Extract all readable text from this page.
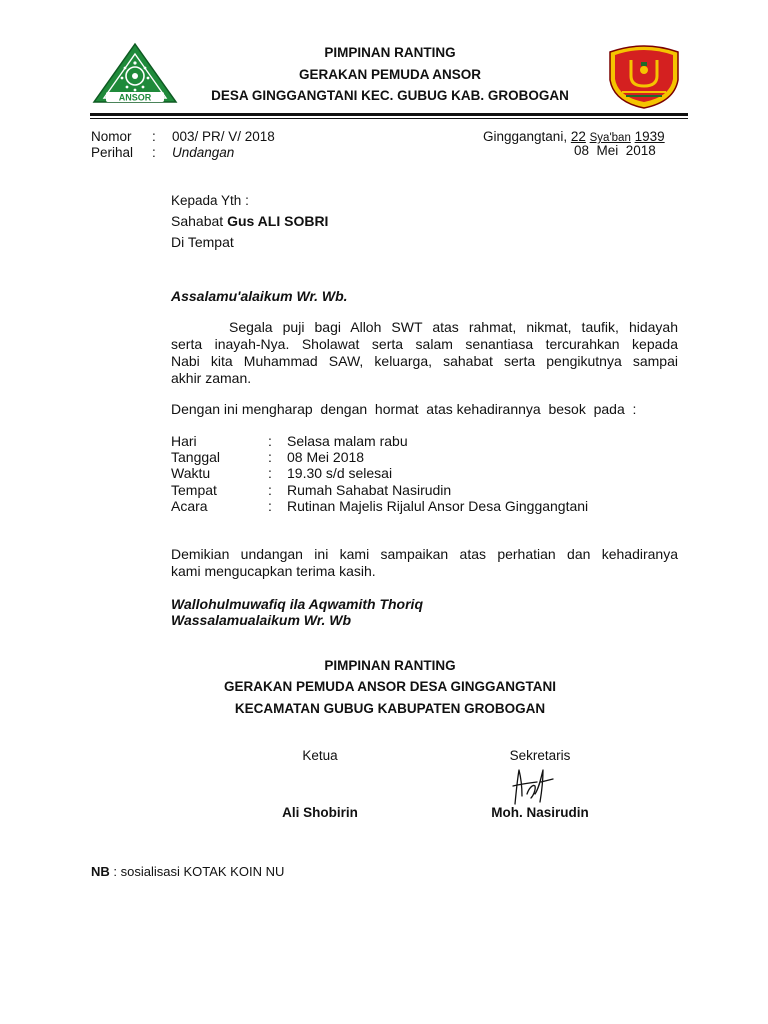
ANSOR
PIMPINAN RANTING
GERAKAN PEMUDA ANSOR
DESA GINGGANGTANI KEC. GUBUG KAB. GROBOGAN
Nomor : 003/ PR/ V/ 2018
Perihal : Undangan
Ginggangtani, 22 Sya'ban 1939
08  Mei  2018
Kepada Yth :
Sahabat Gus ALI SOBRI
Di Tempat
Assalamu'alaikum Wr. Wb.
Segala puji bagi Alloh SWT atas rahmat, nikmat, taufik, hidayah
serta inayah-Nya. Sholawat serta salam senantiasa tercurahkan kepada
Nabi kita Muhammad SAW, keluarga, sahabat serta pengikutnya sampai
akhir zaman.
Dengan ini mengharap  dengan  hormat  atas kehadirannya  besok  pada  :
Hari	: Selasa malam rabu
Tanggal	: 08 Mei 2018
Waktu	: 19.30 s/d selesai
Tempat	: Rumah Sahabat Nasirudin
Acara	: Rutinan Majelis Rijalul Ansor Desa Ginggangtani
Demikian undangan ini kami sampaikan atas perhatian dan kehadiranya
kami mengucapkan terima kasih.
Wallohulmuwafiq ila Aqwamith Thoriq
Wassalamualaikum Wr. Wb
PIMPINAN RANTING
GERAKAN PEMUDA ANSOR DESA GINGGANGTANI
KECAMATAN GUBUG KABUPATEN GROBOGAN
Ketua
Ali Shobirin
Sekretaris
Moh. Nasirudin
NB : sosialisasi KOTAK KOIN NU
